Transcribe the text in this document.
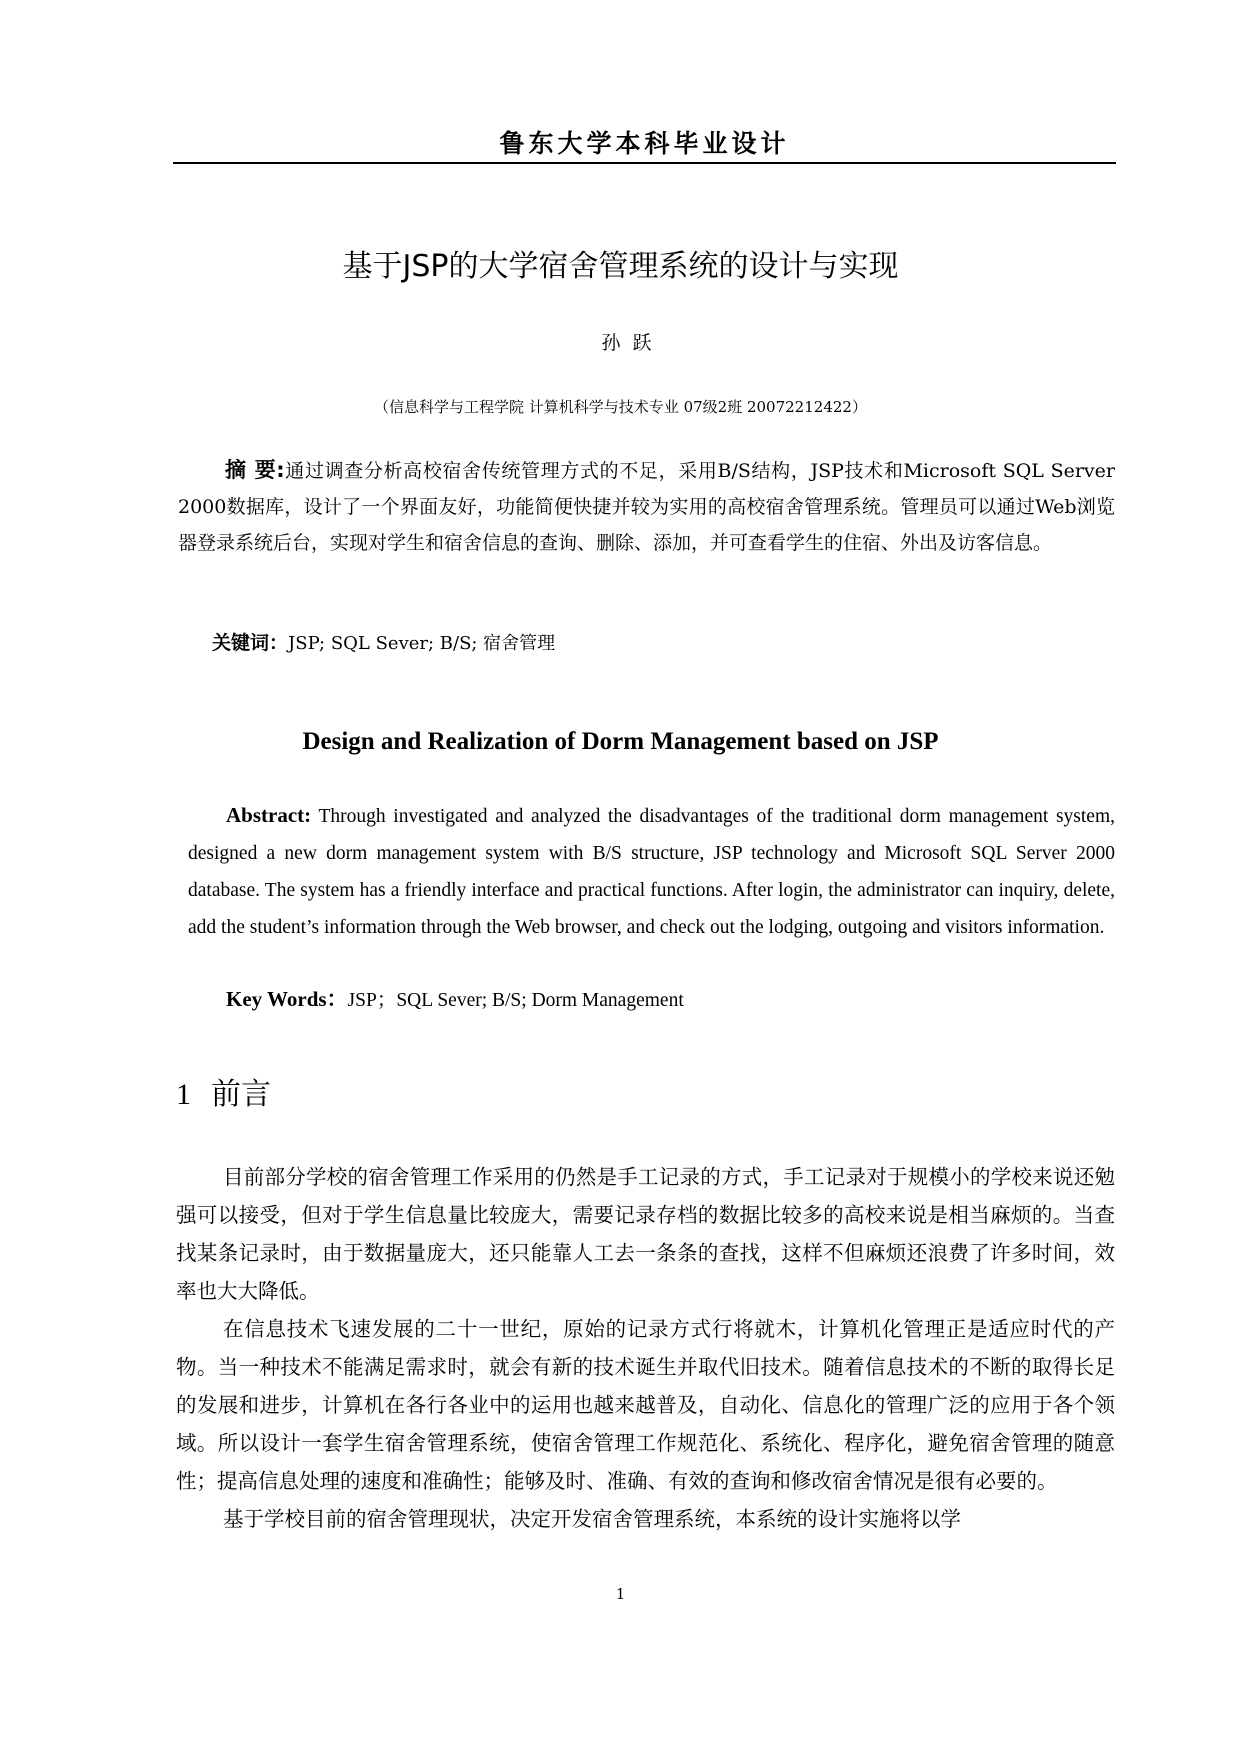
鲁东大学本科毕业设计
基于JSP的大学宿舍管理系统的设计与实现
孙跃
（信息科学与工程学院 计算机科学与技术专业 07级2班 20072212422）
摘 要:通过调查分析高校宿舍传统管理方式的不足，采用B/S结构，JSP技术和Microsoft SQL Server 2000数据库，设计了一个界面友好，功能简便快捷并较为实用的高校宿舍管理系统。管理员可以通过Web浏览器登录系统后台，实现对学生和宿舍信息的查询、删除、添加，并可查看学生的住宿、外出及访客信息。
关键词：JSP; SQL Sever; B/S; 宿舍管理
Design and Realization of Dorm Management based on JSP
Abstract: Through investigated and analyzed the disadvantages of the traditional dorm management system, designed a new dorm management system with B/S structure, JSP technology and Microsoft SQL Server 2000 database. The system has a friendly interface and practical functions. After login, the administrator can inquiry, delete, add the student’s information through the Web browser, and check out the lodging, outgoing and visitors information.
Key Words：JSP；SQL Sever; B/S; Dorm Management
1 前言

目前部分学校的宿舍管理工作采用的仍然是手工记录的方式，手工记录对于规模小的学校来说还勉强可以接受，但对于学生信息量比较庞大，需要记录存档的数据比较多的高校来说是相当麻烦的。当查找某条记录时，由于数据量庞大，还只能靠人工去一条条的查找，这样不但麻烦还浪费了许多时间，效率也大大降低。

在信息技术飞速发展的二十一世纪，原始的记录方式行将就木，计算机化管理正是适应时代的产物。当一种技术不能满足需求时，就会有新的技术诞生并取代旧技术。随着信息技术的不断的取得长足的发展和进步，计算机在各行各业中的运用也越来越普及，自动化、信息化的管理广泛的应用于各个领域。所以设计一套学生宿舍管理系统，使宿舍管理工作规范化、系统化、程序化，避免宿舍管理的随意性；提高信息处理的速度和准确性；能够及时、准确、有效的查询和修改宿舍情况是很有必要的。

基于学校目前的宿舍管理现状，决定开发宿舍管理系统，本系统的设计实施将以学

1
